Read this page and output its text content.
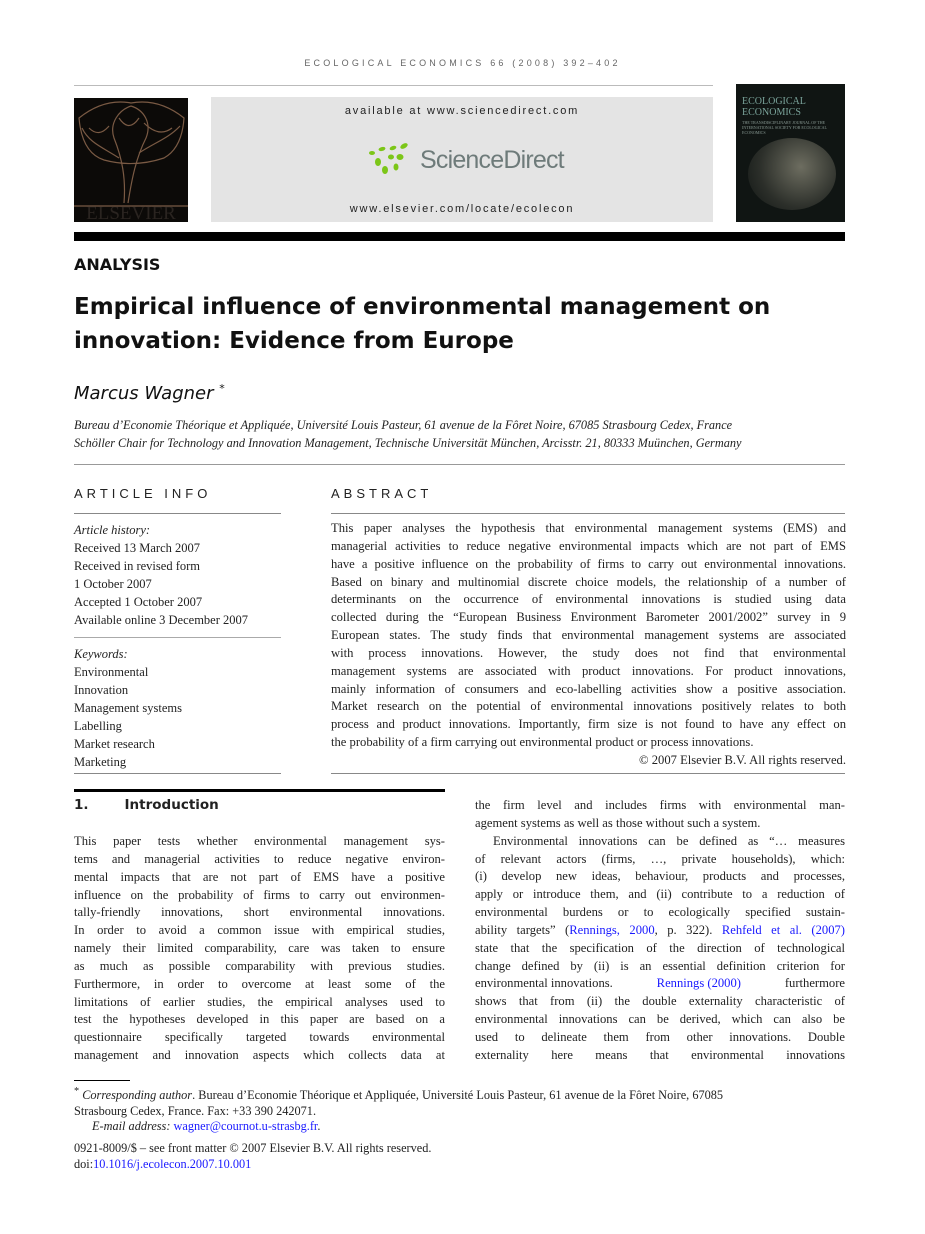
ECOLOGICAL ECONOMICS 66 (2008) 392–402
ELSEVIER
available at www.sciencedirect.com
ScienceDirect
www.elsevier.com/locate/ecolecon
ECOLOGICAL ECONOMICS
THE TRANSDISCIPLINARY JOURNAL OF THE INTERNATIONAL SOCIETY FOR ECOLOGICAL ECONOMICS
ANALYSIS
Empirical influence of environmental management on
innovation: Evidence from Europe
Marcus Wagner *
Bureau d’Economie Théorique et Appliquée, Université Louis Pasteur, 61 avenue de la Fôret Noire, 67085 Strasbourg Cedex, France
Schöller Chair for Technology and Innovation Management, Technische Universität München, Arcisstr. 21, 80333 Muünchen, Germany
ARTICLE INFO
Article history:
Received 13 March 2007
Received in revised form
1 October 2007
Accepted 1 October 2007
Available online 3 December 2007
Keywords:
Environmental
Innovation
Management systems
Labelling
Market research
Marketing
ABSTRACT
This paper analyses the hypothesis that environmental management systems (EMS) and
managerial activities to reduce negative environmental impacts which are not part of EMS
have a positive influence on the probability of firms to carry out environmental innovations.
Based on binary and multinomial discrete choice models, the relationship of a number of
determinants on the occurrence of environmental innovations is studied using data
collected during the “European Business Environment Barometer 2001/2002” survey in 9
European states. The study finds that environmental management systems are associated
with process innovations. However, the study does not find that environmental
management systems are associated with product innovations. For product innovations,
mainly information of consumers and eco-labelling activities show a positive association.
Market research on the potential of environmental innovations positively relates to both
process and product innovations. Importantly, firm size is not found to have any effect on
the probability of a firm carrying out environmental product or process innovations.
© 2007 Elsevier B.V. All rights reserved.
1.	Introduction
This paper tests whether environmental management sys-
tems and managerial activities to reduce negative environ-
mental impacts that are not part of EMS have a positive
influence on the probability of firms to carry out environmen-
tally-friendly innovations, short environmental innovations.
In order to avoid a common issue with empirical studies,
namely their limited comparability, care was taken to ensure
as much as possible comparability with previous studies.
Furthermore, in order to overcome at least some of the
limitations of earlier studies, the empirical analyses used to
test the hypotheses developed in this paper are based on a
questionnaire specifically targeted towards environmental
management and innovation aspects which collects data at
the firm level and includes firms with environmental man-
agement systems as well as those without such a system.
Environmental innovations can be defined as “… measures
of relevant actors (firms, …, private households), which:
(i) develop new ideas, behaviour, products and processes,
apply or introduce them, and (ii) contribute to a reduction of
environmental burdens or to ecologically specified sustain-
ability targets” (Rennings, 2000, p. 322). Rehfeld et al. (2007)
state that the specification of the direction of technological
change defined by (ii) is an essential definition criterion for
environmental innovations.	Rennings (2000)	furthermore
shows that from (ii) the double externality characteristic of
environmental innovations can be derived, which can also be
used to delineate them from other innovations. Double
externality here means that environmental innovations
* Corresponding author. Bureau d’Economie Théorique et Appliquée, Université Louis Pasteur, 61 avenue de la Fôret Noire, 67085
Strasbourg Cedex, France. Fax: +33 390 242071.
E-mail address: wagner@cournot.u-strasbg.fr.
0921-8009/$ – see front matter © 2007 Elsevier B.V. All rights reserved.
doi:10.1016/j.ecolecon.2007.10.001
